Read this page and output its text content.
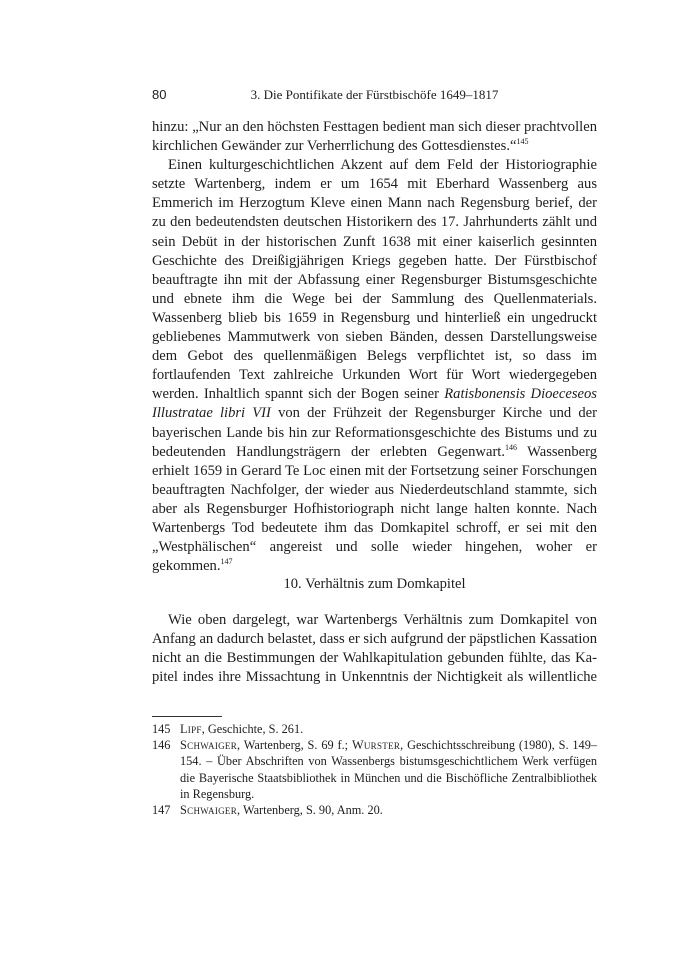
80	3. Die Pontifikate der Fürstbischöfe 1649–1817

hinzu: „Nur an den höchsten Festtagen bedient man sich dieser prachtvollen kirchlichen Gewänder zur Verherrlichung des Gottesdienstes.“$^{145}$

Einen kulturgeschichtlichen Akzent auf dem Feld der Historiographie setzte Wartenberg, indem er um 1654 mit Eberhard Wassenberg aus Emmerich im Herzogtum Kleve einen Mann nach Regensburg berief, der zu den bedeutendsten deutschen Historikern des 17. Jahrhunderts zählt und sein Debüt in der historischen Zunft 1638 mit einer kaiserlich gesinnten Geschichte des Dreißigjährigen Kriegs gegeben hatte. Der Fürstbischof beauftragte ihn mit der Abfassung einer Regensburger Bistumsgeschichte und ebnete ihm die Wege bei der Sammlung des Quellenmaterials. Wassenberg blieb bis 1659 in Regensburg und hinterließ ein ungedruckt gebliebenes Mammutwerk von sieben Bänden, dessen Darstellungsweise dem Gebot des quellenmäßigen Belegs verpflichtet ist, so dass im fortlaufenden Text zahlreiche Urkunden Wort für Wort wiedergegeben werden. Inhaltlich spannt sich der Bogen seiner Ratisbonensis Dioeceseos Illustratae libri VII von der Frühzeit der Regensburger Kirche und der bayerischen Lande bis hin zur Reformationsgeschichte des Bistums und zu bedeutenden Handlungsträgern der erlebten Gegenwart.$^{146}$ Wassenberg erhielt 1659 in Gerard Te Loc einen mit der Fortsetzung seiner Forschungen beauftragten Nachfolger, der wieder aus Niederdeutschland stammte, sich aber als Regensburger Hofhistoriograph nicht lange halten konnte. Nach Wartenbergs Tod bedeutete ihm das Domkapitel schroff, er sei mit den „Westphälischen“ angereist und solle wieder hingehen, woher er gekommen.$^{147}$

10. Verhältnis zum Domkapitel

Wie oben dargelegt, war Wartenbergs Verhältnis zum Domkapitel von Anfang an dadurch belastet, dass er sich aufgrund der päpstlichen Kassation nicht an die Bestimmungen der Wahlkapitulation gebunden fühlte, das Kapitel indes ihre Missachtung in Unkenntnis der Nichtigkeit als willentliche

145 Lipf, Geschichte, S. 261.
146 Schwaiger, Wartenberg, S. 69 f.; Wurster, Geschichtsschreibung (1980), S. 149–154. – Über Abschriften von Wassenbergs bistumsgeschichtlichem Werk verfügen die Bayerische Staatsbibliothek in München und die Bischöfliche Zentralbibliothek in Regensburg.
147 Schwaiger, Wartenberg, S. 90, Anm. 20.
